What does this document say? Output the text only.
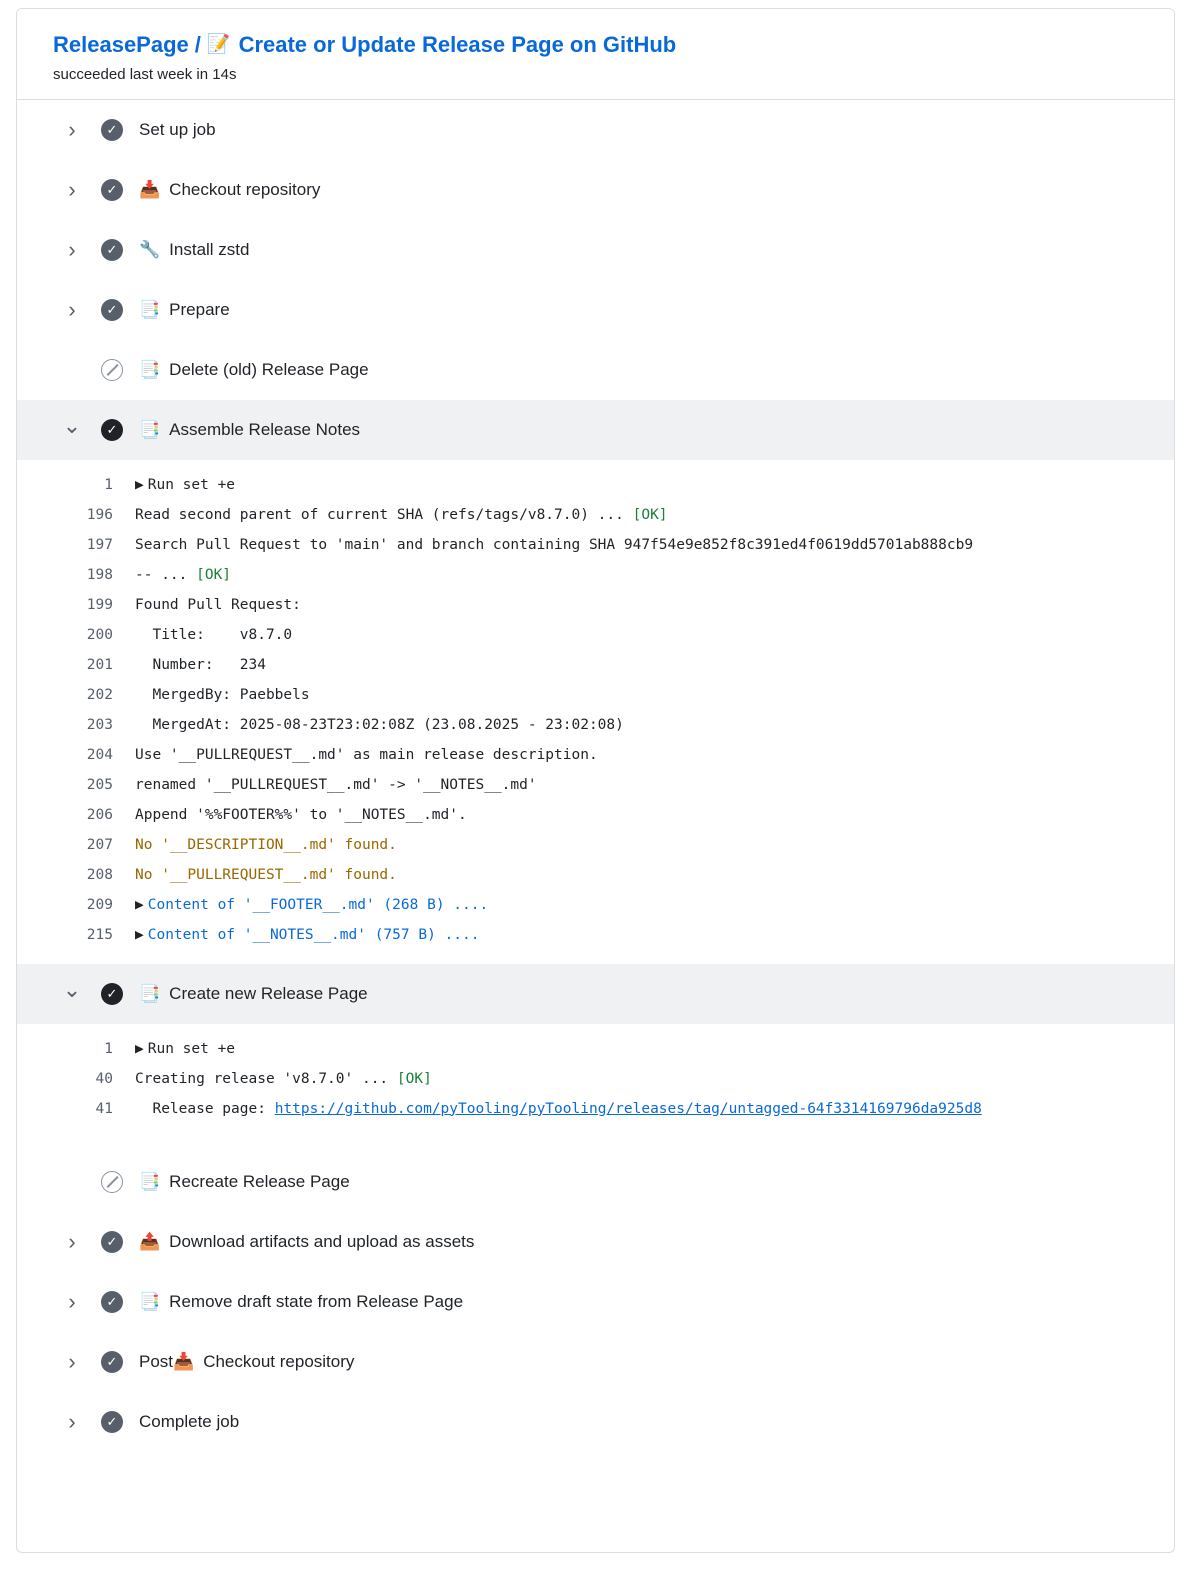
ReleasePage / 📝 Create or Update Release Page on GitHub
succeeded last week in 14s
›
✓	Set up job
›
✓	📥 Checkout repository
›
✓	🔧 Install zstd
›
✓	📑 Prepare
📑 Delete (old) Release Page
⌄
✓	📑 Assemble Release Notes
1	▶ Run set +e
196	Read second parent of current SHA (refs/tags/v8.7.0) ... [OK]
197	Search Pull Request to 'main' and branch containing SHA 947f54e9e852f8c391ed4f0619dd5701ab888cb9
198	-- ... [OK]
199	Found Pull Request:
200	Title:    v8.7.0
201	Number:   234
202	MergedBy: Paebbels
203	MergedAt: 2025-08-23T23:02:08Z (23.08.2025 - 23:02:08)
204	Use '__PULLREQUEST__.md' as main release description.
205	renamed '__PULLREQUEST__.md' -> '__NOTES__.md'
206	Append '%%FOOTER%%' to '__NOTES__.md'.
207	No '__DESCRIPTION__.md' found.
208	No '__PULLREQUEST__.md' found.
209	▶ Content of '__FOOTER__.md' (268 B) ....
215	▶ Content of '__NOTES__.md' (757 B) ....
⌄
✓	📑 Create new Release Page
1	▶ Run set +e
40	Creating release 'v8.7.0' ... [OK]
41	Release page: https://github.com/pyTooling/pyTooling/releases/tag/untagged-64f3314169796da925d8
📑 Recreate Release Page
›
✓	📤 Download artifacts and upload as assets
›
✓	📑 Remove draft state from Release Page
›
✓	Post 📥 Checkout repository
›
✓	Complete job
